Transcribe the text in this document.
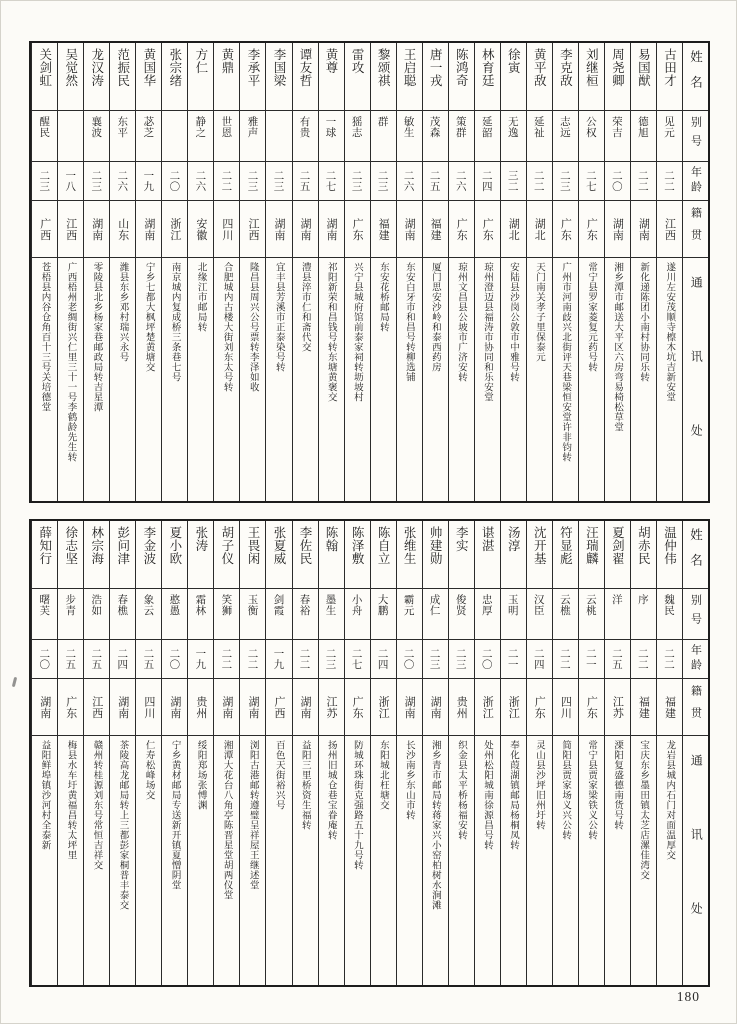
姓名
别号
年龄
籍贯
通讯处
古田才
见元
二二
江西
遂川左安茂顺寺檫木坑吉新安堂
易国猷
德旭
二二
湖南
新化递陈团小南村协同乐转
周尧卿
荣吉
二〇
湖南
湘乡潭市邮送大平区六房弯易椅松草堂
刘继桓
公权
二七
广东
常宁县罗家菱复元药号转
李克敌
志远
二三
广东
广州市河南歧兴北街评天巷梁恒安堂许非钧转
黄平敌
延祉
二二
湖北
天门南关孝子里保泰元
徐寅
无逸
三二
湖北
安陆县沙岗公敦市中雅号转
林育廷
延韶
二四
广东
琼州澄迈县福涛市协同和乐安堂
陈鸿奇
策群
二六
广东
琼州文昌县公坡市广济安转
唐一戎
茂森
二五
福建
厦门思安沙岭和泰西药房
王启聪
敏生
二六
湖南
东安白牙市和昌号转柳选铺
黎颂祺
群
二三
福建
东安花桥邮局转
雷攻
猺志
二三
广东
兴宁县城府馆前泰家祠转坜坡村
黄尊
一球
二七
湖南
祁阳新荣和昌钱号转东塘黄褒交
谭友哲
有贵
二五
湖南
澧县淬市仁和斋代交
李国梁
二三
湖南
宜丰县芳溪市正泰染号转
李承平
雅声
二三
江西
隆昌县周兴公号票转李泽如收
黄鼎
世恩
二二
四川
合肥城内古楼大街刘东太号转
方仁
静之
二六
安徽
北缘江市邮局转
张宗绪
二〇
浙江
南京城内复成桥三条巷七号
黄国华
苾芝
一九
湖南
宁乡七都大枫坪楚黄塘交
范振民
东平
二六
山东
潍县东乡邓村瑞兴永号
龙汉涛
襄波
二三
湖南
零陵县北乡杨家巷邮政局转吉星潭
吴觉然
一八
江西
广西梧州老绸街兴仁里三十一号李鹤龄先生转
关剑虹
醒民
二三
广西
苍梧县内谷仓角百十三号关培德堂
姓名
别号
年龄
籍贯
通讯处
温仲伟
魏民
二二
福建
龙岩县城内石门对面温厚交
胡赤民
序
二二
福建
宝庆东乡墨田镇太芝店漯佳湾交
夏剑翟
洋
二五
江苏
溧阳复盛德南货号转
汪瑞麟
云桃
二一
广东
常宁县贾家梁铁义公转
符显彪
云樵
二二
四川
简阳县贾家场义兴公转
沈开基
汉臣
二四
广东
灵山县沙坪旧州圩转
汤淳
玉明
二一
浙江
奉化葭湖镇邮局杨桐凤转
谌湛
忠厚
二〇
浙江
处州松阳城南徐源昌号转
李实
俊贤
二三
贵州
织金县太平桥杨福安转
帅建勋
成仁
二三
湖南
湘乡青市邮局转蒋家兴小窑柏树水涧滩
张维生
霸元
二〇
湖南
长沙南乡东山市转
陈自立
大鹏
二四
浙江
东阳城北枉塘交
陈泽敷
小舟
二七
广东
防城环珠街克强路五十九号转
陈翰
墨生
二三
江苏
扬州旧城仓巷宝眷庵转
李佐民
春裕
二二
湖南
益阳三里桥资生福转
张夏威
剑霞
一九
广西
百色天街裕兴号
王畏闲
玉衡
二二
湖南
浏阳古港邮转遵璧呈祥屋王继述堂
胡子仪
笑狮
二二
湖南
湘潭大花台八角亭陈晋星堂胡两仪堂
张涛
霜林
一九
贵州
绥阳郑场张愽渊
夏小欧
憨愚
二〇
湖南
宁乡黄材邮局专送新开镇夏憎阴堂
李金波
象云
二五
四川
仁寿松峰场交
彭问津
春樵
二四
湖南
茶陵高龙邮局转上三都彭家桐普丰泰交
林宗海
浩如
二五
江西
赣州转桂源刘东号常恒吉祥交
徐志坚
步青
二五
广东
梅县水车圩黄福昌转太坪里
薛知行
曙芙
二〇
湖南
益阳鲜埠镇沙河村全泰新
180
